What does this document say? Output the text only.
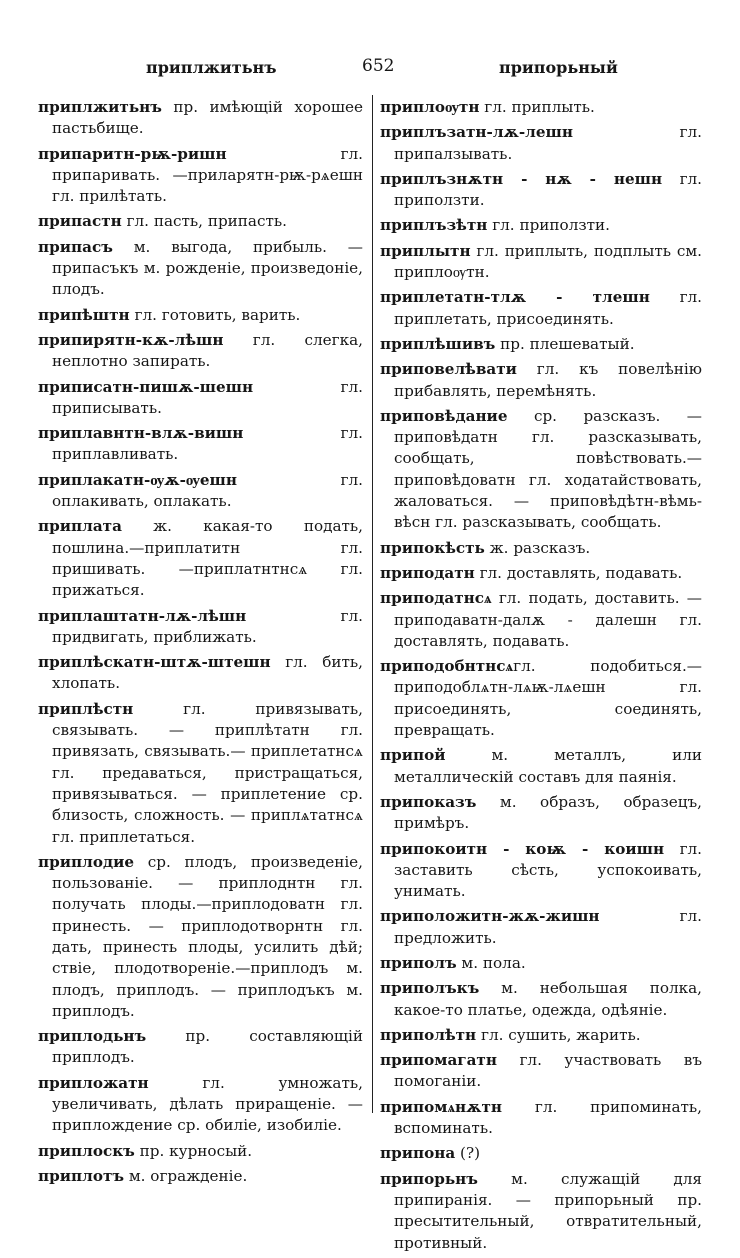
приплжитьнъ	652	припорьный
приплжитьнъ пр. имѣющій хорошее пастьбище.
припаритн-рѭ-ришн гл. припаривать. —приларятн-рѭ-рѧешн гл. прилѣтать.
припастн гл. пасть, припасть.
припасъ м. выгода, прибыль. — припасъкъ м. рожденіе, произведоніе, плодъ.
припѣштн гл. готовить, варить.
припирятн-кѫ-лѣшн гл. слегка, неплотно запирать.
приписатн-пишѫ-шешн гл. приписывать.
приплавнтн-влѫ-вишн гл. приплавливать.
приплакатн-ѹѫ-ѹешн гл. оплакивать, оплакать.
приплата ж. какая-то подать, пошлина.—приплатитн гл. пришивать. —приплатнтнсѧ гл. прижаться.
приплаштатн-лѫ-лѣшн гл. придвигать, приближать.
приплѣскатн-штѫ-штешн гл. бить, хлопать.
приплѣстн гл. привязывать, связывать. — приплѣтатн гл. привязать, связывать.— приплетатнсѧ гл. предаваться, пристращаться, привязываться. — приплетение ср. близость, сложность. — приплѧтатнсѧ гл. приплетаться.
приплодие ср. плодъ, произведеніе, пользованіе. — приплоднтн гл. получать плоды.—приплодоватн гл. принесть. — приплодотворнтн гл. дать, принесть плоды, усилить дѣй; ствіе, плодотвореніе.—приплодъ м. плодъ, приплодъ. — приплодъкъ м. приплодъ.
приплодьнъ пр. составляющій приплодъ.
припложатн гл. умножать, увеличивать, дѣлать приращеніе. — приплождение ср. обиліе, изобиліе.
приплоскъ пр. курносый.
приплотъ м. огражденіе.
приплоѹтн гл. приплыть.
приплъзатн-лѫ-лешн гл. припалзывать.
приплъзнѫтн - нѫ - нешн гл. приползти.
приплъзѣтн гл. приползти.
приплытн гл. приплыть, подплыть см. приплоѹтн.
приплетатн-тлѫ - тлешн гл. приплетать, присоединять.
приплѣшивъ пр. плешеватый.
приповелѣвати гл. къ повелѣнію прибавлять, перемѣнять.
приповѣдание ср. разсказъ. — приповѣдатн гл. разсказывать, сообщать, повѣствовать.—приповѣдоватн гл. ходатайствовать, жаловаться. — приповѣдѣтн-вѣмь-вѣсн гл. разсказывать, сообщать.
припокѣсть ж. разсказъ.
приподатн гл. доставлять, подавать.
приподатнсѧ гл. подать, доставить. — приподаватн-далѫ - далешн гл. доставлять, подавать.
приподобнтнсѧгл. подобиться.—приподоблѧтн-лѧѭ-лѧешн гл. присоединять, соединять, превращать.
припой м. металлъ, или металлическій составъ для паянія.
припоказъ м. образъ, образецъ, примѣръ.
припокоитн - коѭ - коишн гл. заставить сѣсть, успокоивать, унимать.
приположитн-жѫ-жишн гл. предложить.
приполъ м. пола.
приполъкъ м. небольшая полка, какое-то платье, одежда, одѣяніе.
приполѣтн гл. сушить, жарить.
припомагатн гл. участвовать въ помоганіи.
припомѧнѫтн гл. припоминать, вспоминать.
припона (?)
припорьнъ м. служащій для припиранія. — припорьный пр. пресытительный, отвратительный, противный.
